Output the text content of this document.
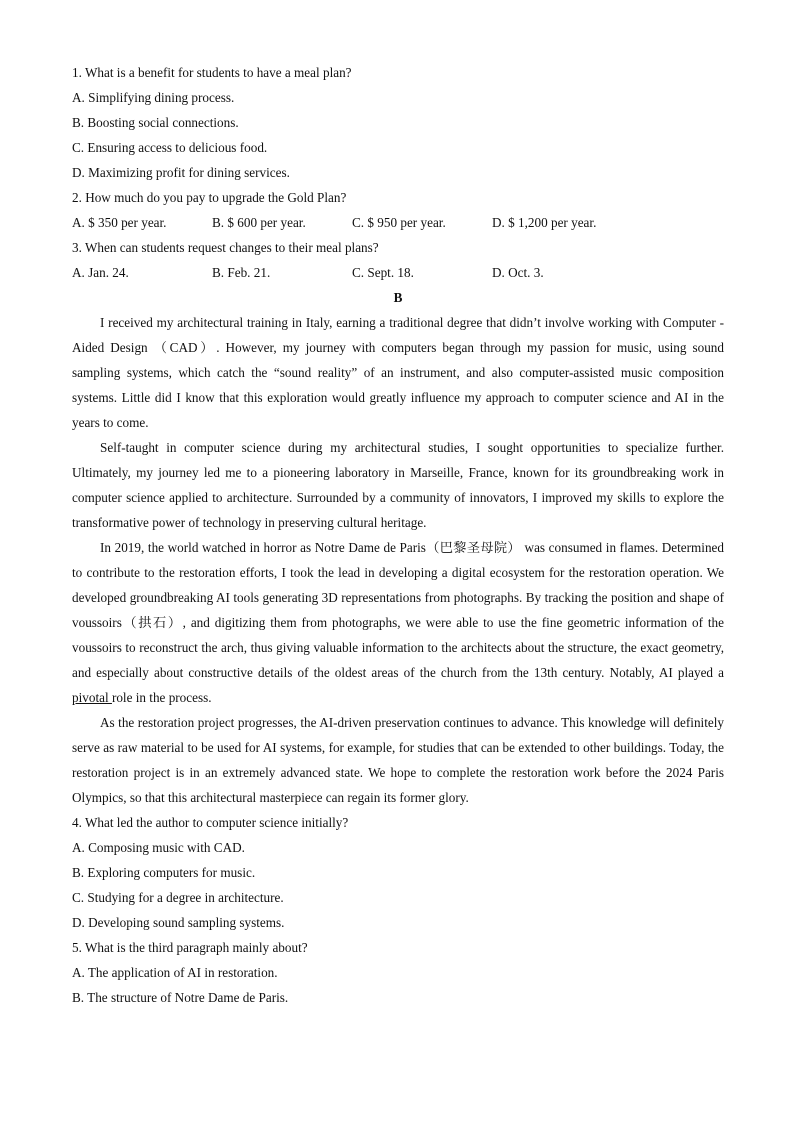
1. What is a benefit for students to have a meal plan?
A. Simplifying dining process.
B. Boosting social connections.
C. Ensuring access to delicious food.
D. Maximizing profit for dining services.
2. How much do you pay to upgrade the Gold Plan?
A. $ 350 per year.	B. $ 600 per year.	C. $ 950 per year.	D. $ 1,200 per year.
3. When can students request changes to their meal plans?
A. Jan. 24.	B. Feb. 21.	C. Sept. 18.	D. Oct. 3.
B

I received my architectural training in Italy, earning a traditional degree that didn’t involve working with Computer - Aided Design （CAD）. However, my journey with computers began through my passion for music, using sound sampling systems, which catch the “sound reality” of an instrument, and also computer-assisted music composition systems. Little did I know that this exploration would greatly influence my approach to computer science and AI in the years to come.

Self-taught in computer science during my architectural studies, I sought opportunities to specialize further. Ultimately, my journey led me to a pioneering laboratory in Marseille, France, known for its groundbreaking work in computer science applied to architecture. Surrounded by a community of innovators, I improved my skills to explore the transformative power of technology in preserving cultural heritage.

In 2019, the world watched in horror as Notre Dame de Paris（巴黎圣母院） was consumed in flames. Determined to contribute to the restoration efforts, I took the lead in developing a digital ecosystem for the restoration operation. We developed groundbreaking AI tools generating 3D representations from photographs. By tracking the position and shape of voussoirs（拱石）, and digitizing them from photographs, we were able to use the fine geometric information of the voussoirs to reconstruct the arch, thus giving valuable information to the architects about the structure, the exact geometry, and especially about constructive details of the oldest areas of the church from the 13th century. Notably, AI played a pivotal role in the process.

As the restoration project progresses, the AI-driven preservation continues to advance. This knowledge will definitely serve as raw material to be used for AI systems, for example, for studies that can be extended to other buildings. Today, the restoration project is in an extremely advanced state. We hope to complete the restoration work before the 2024 Paris Olympics, so that this architectural masterpiece can regain its former glory.

4. What led the author to computer science initially?
A. Composing music with CAD.
B. Exploring computers for music.
C. Studying for a degree in architecture.
D. Developing sound sampling systems.
5. What is the third paragraph mainly about?
A. The application of AI in restoration.
B. The structure of Notre Dame de Paris.
